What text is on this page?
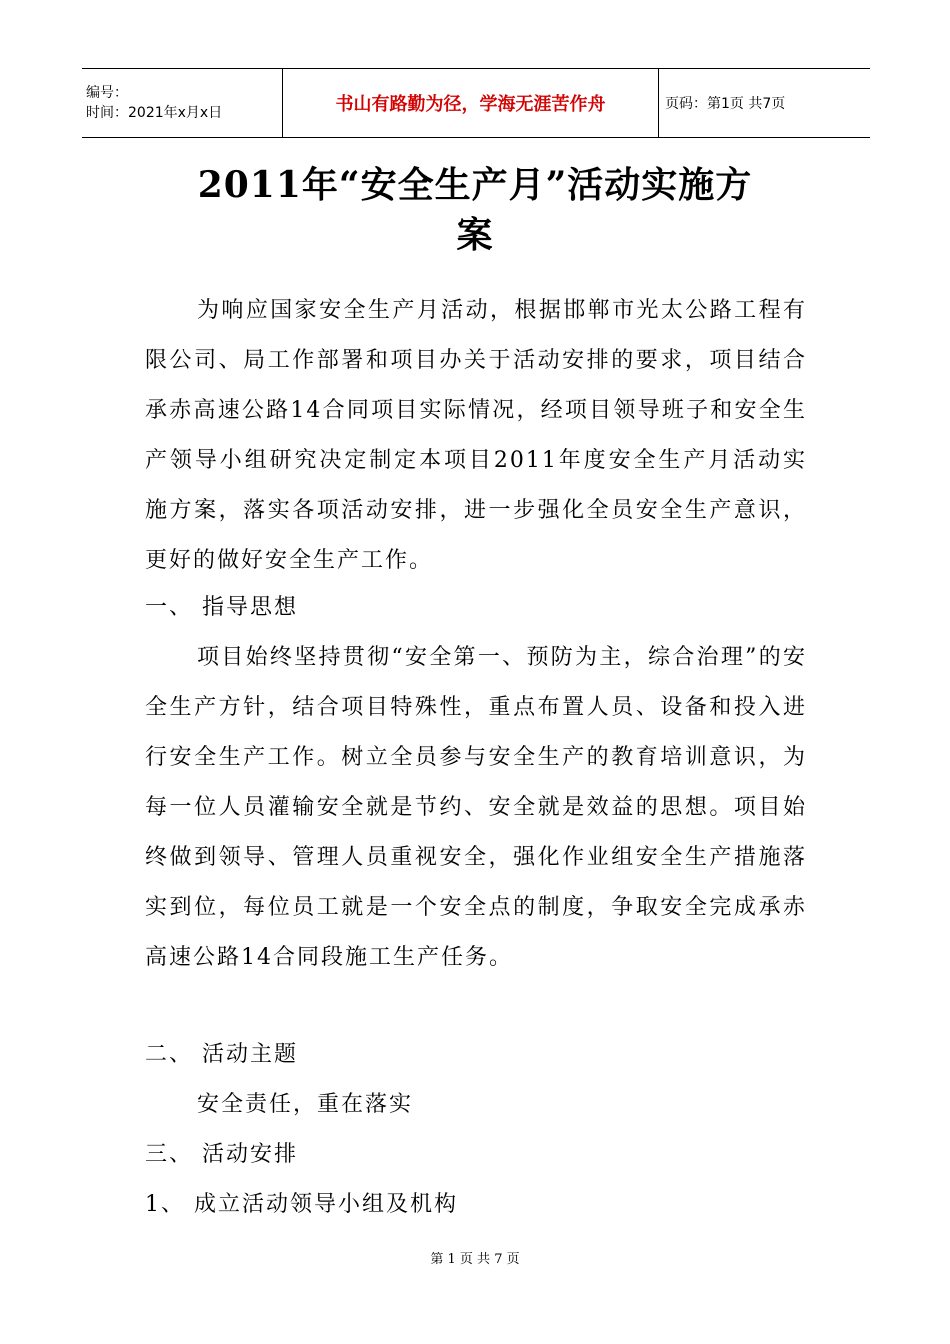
编号：
时间：2021年x月x日	书山有路勤为径，学海无涯苦作舟	页码：第1页 共7页
2011年“安全生产月”活动实施方
案
为响应国家安全生产月活动，根据邯郸市光太公路工程有限公司、局工作部署和项目办关于活动安排的要求，项目结合承赤高速公路14合同项目实际情况，经项目领导班子和安全生产领导小组研究决定制定本项目2011年度安全生产月活动实施方案，落实各项活动安排，进一步强化全员安全生产意识，更好的做好安全生产工作。
一、 指导思想
项目始终坚持贯彻“安全第一、预防为主，综合治理”的安全生产方针，结合项目特殊性，重点布置人员、设备和投入进行安全生产工作。树立全员参与安全生产的教育培训意识，为每一位人员灌输安全就是节约、安全就是效益的思想。项目始终做到领导、管理人员重视安全，强化作业组安全生产措施落实到位，每位员工就是一个安全点的制度，争取安全完成承赤高速公路14合同段施工生产任务。
二、 活动主题
安全责任，重在落实
三、 活动安排
1、 成立活动领导小组及机构
第 1 页 共 7 页
